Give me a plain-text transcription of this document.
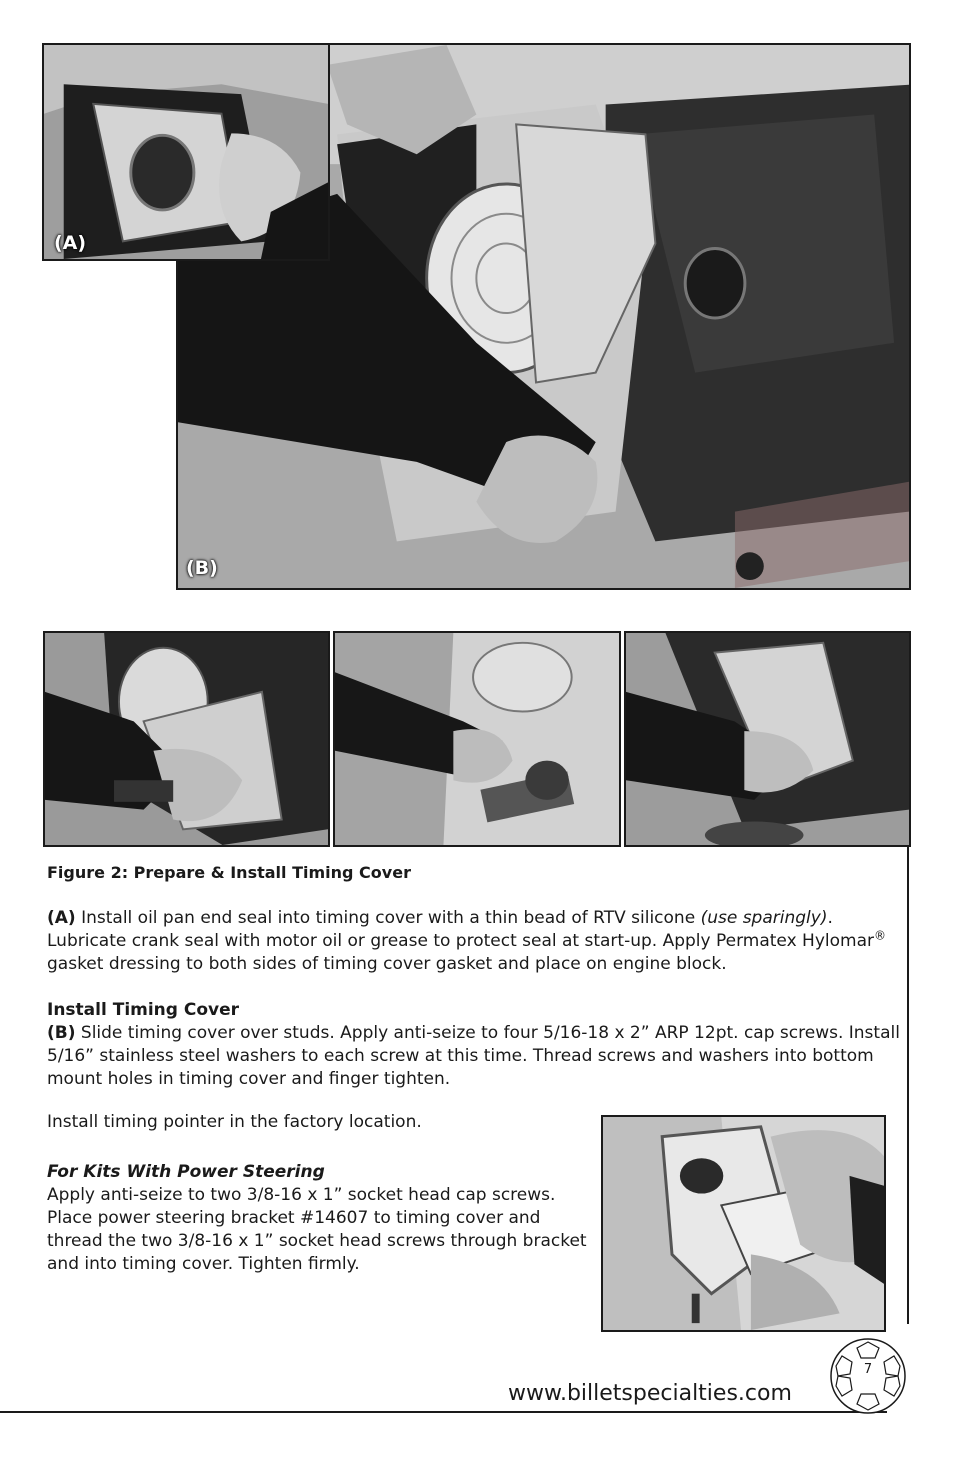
(B)
(A)
Figure 2: Prepare & Install Timing Cover
(A) Install oil pan end seal into timing cover with a thin bead of RTV silicone (use sparingly). Lubricate crank seal with motor oil or grease to protect seal at start-up. Apply Permatex Hylomar® gasket dressing to both sides of timing cover gasket and place on engine block.
Install Timing Cover
(B) Slide timing cover over studs. Apply anti-seize to four 5/16-18 x 2” ARP 12pt. cap screws. Install 5/16” stainless steel washers to each screw at this time. Thread screws and washers into bottom mount holes in timing cover and finger tighten.
Install timing pointer in the factory location.
For Kits With Power Steering
Apply anti-seize to two 3/8-16 x 1” socket head cap screws. Place power steering bracket #14607 to timing cover and thread the two 3/8-16 x 1” socket head screws through bracket and into timing cover. Tighten firmly.
www.billetspecialties.com
7
